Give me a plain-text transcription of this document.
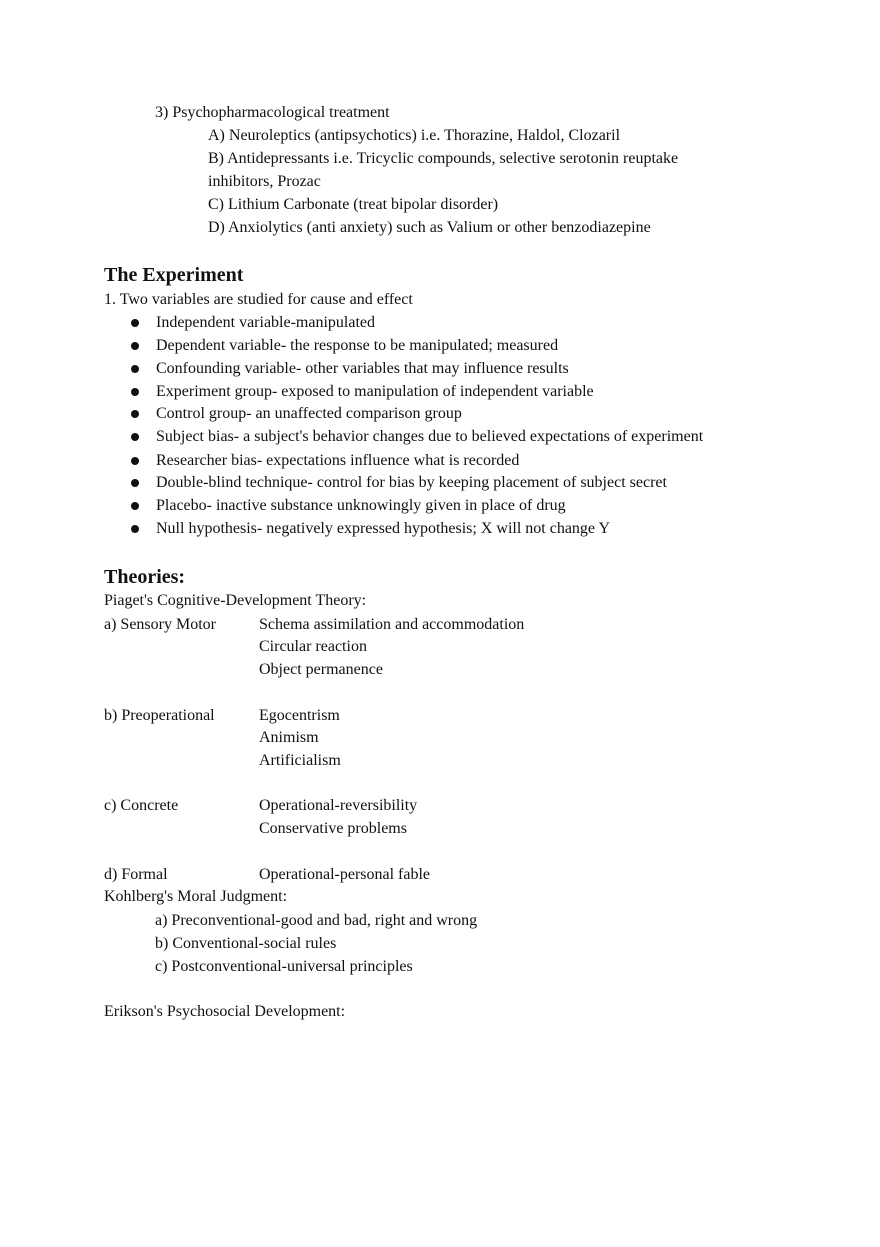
3) Psychopharmacological treatment
A) Neuroleptics (antipsychotics) i.e. Thorazine, Haldol, Clozaril
B) Antidepressants i.e. Tricyclic compounds, selective serotonin reuptake
inhibitors, Prozac
C) Lithium Carbonate (treat bipolar disorder)
D) Anxiolytics (anti anxiety) such as Valium or other benzodiazepine
The Experiment
1. Two variables are studied for cause and effect
Independent variable-manipulated
Dependent variable- the response to be manipulated; measured
Confounding variable- other variables that may influence results
Experiment group- exposed to manipulation of independent variable
Control group- an unaffected comparison group
Subject bias- a subject's behavior changes due to believed expectations of experiment
Researcher bias- expectations influence what is recorded
Double-blind technique- control for bias by keeping placement of subject secret
Placebo- inactive substance unknowingly given in place of drug
Null hypothesis- negatively expressed hypothesis; X will not change Y
Theories:
Piaget's Cognitive-Development Theory:
a) Sensory Motor	Schema assimilation and accommodation
Circular reaction
Object permanence
b) Preoperational	Egocentrism
Animism
Artificialism
c) Concrete	Operational-reversibility
Conservative problems
d) Formal	Operational-personal fable
Kohlberg's Moral Judgment:
a) Preconventional-good and bad, right and wrong
b) Conventional-social rules
c) Postconventional-universal principles
Erikson's Psychosocial Development:
